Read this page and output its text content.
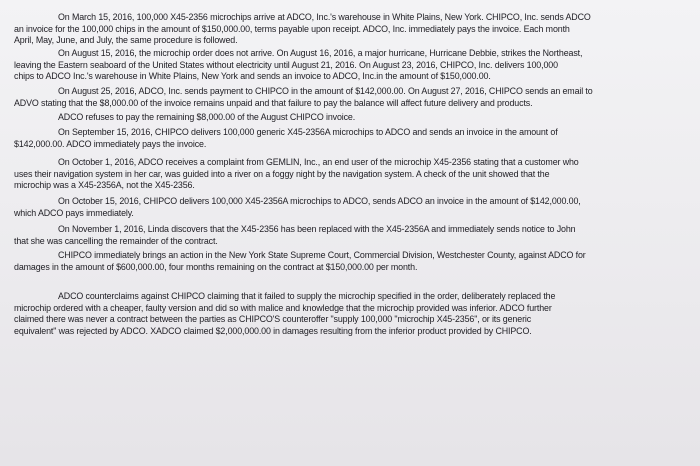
On March 15, 2016, 100,000 X45-2356 microchips arrive at ADCO, Inc.'s warehouse in White Plains, New York. CHIPCO, Inc. sends ADCO
an invoice for the 100,000 chips in the amount of $150,000.00, terms payable upon receipt. ADCO, Inc. immediately pays the invoice. Each month
April, May, June, and July, the same procedure is followed.

On August 15, 2016, the microchip order does not arrive. On August 16, 2016, a major hurricane, Hurricane Debbie, strikes the Northeast,
leaving the Eastern seaboard of the United States without electricity until August 21, 2016. On August 23, 2016, CHIPCO, Inc. delivers 100,000
chips to ADCO Inc.'s warehouse in White Plains, New York and sends an invoice to ADCO, Inc.in the amount of $150,000.00.

On August 25, 2016, ADCO, Inc. sends payment to CHIPCO in the amount of $142,000.00. On August 27, 2016, CHIPCO sends an email to
ADVO stating that the $8,000.00 of the invoice remains unpaid and that failure to pay the balance will affect future delivery and products.

ADCO refuses to pay the remaining $8,000.00 of the August CHIPCO invoice.

On September 15, 2016, CHIPCO delivers 100,000 generic X45-2356A microchips to ADCO and sends an invoice in the amount of
$142,000.00. ADCO immediately pays the invoice.

On October 1, 2016, ADCO receives a complaint from GEMLIN, Inc., an end user of the microchip X45-2356 stating that a customer who
uses their navigation system in her car, was guided into a river on a foggy night by the navigation system. A check of the unit showed that the
microchip was a X45-2356A, not the X45-2356.

On October 15, 2016, CHIPCO delivers 100,000 X45-2356A microchips to ADCO, sends ADCO an invoice in the amount of $142,000.00,
which ADCO pays immediately.

On November 1, 2016, Linda discovers that the X45-2356 has been replaced with the X45-2356A and immediately sends notice to John
that she was cancelling the remainder of the contract.

CHIPCO immediately brings an action in the New York State Supreme Court, Commercial Division, Westchester County, against ADCO for
damages in the amount of $600,000.00, four months remaining on the contract at $150,000.00 per month.

ADCO counterclaims against CHIPCO claiming that it failed to supply the microchip specified in the order, deliberately replaced the
microchip ordered with a cheaper, faulty version and did so with malice and knowledge that the microchip provided was inferior. ADCO further
claimed there was never a contract between the parties as CHIPCO'S counteroffer "supply 100,000 "microchip X45-2356", or its generic
equivalent" was rejected by ADCO. XADCO claimed $2,000,000.00 in damages resulting from the inferior product provided by CHIPCO.
